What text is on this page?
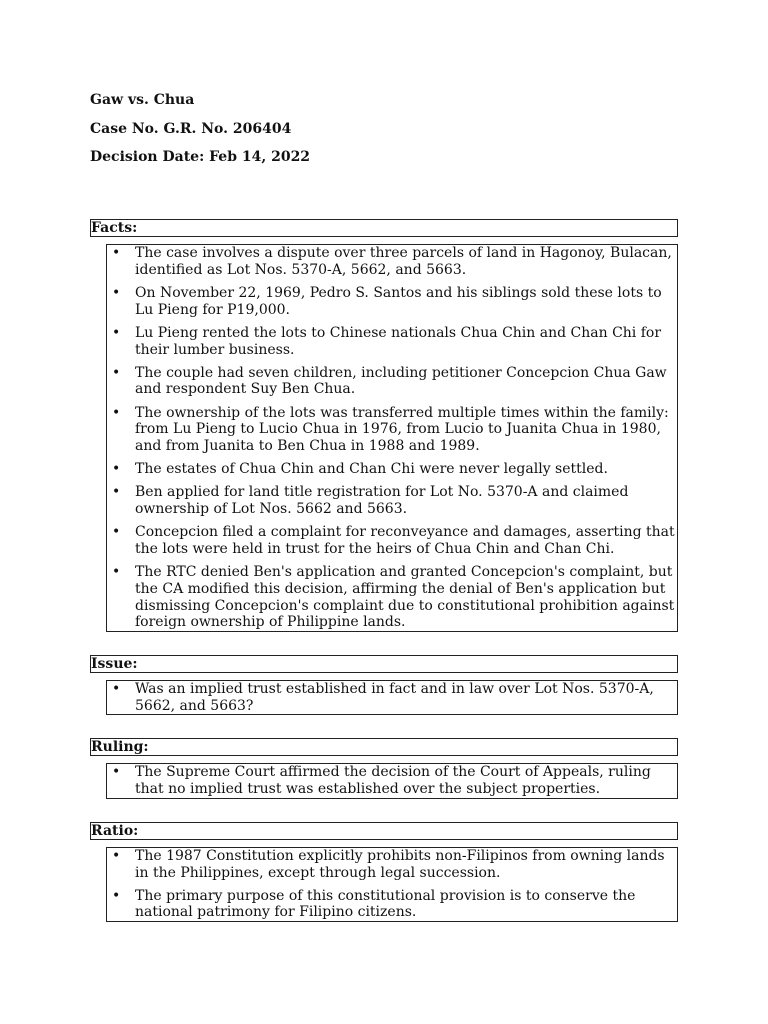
Gaw vs. Chua
Case No. G.R. No. 206404
Decision Date: Feb 14, 2022
Facts:
• The case involves a dispute over three parcels of land in Hagonoy, Bulacan, identified as Lot Nos. 5370-A, 5662, and 5663.
• On November 22, 1969, Pedro S. Santos and his siblings sold these lots to Lu Pieng for P19,000.
• Lu Pieng rented the lots to Chinese nationals Chua Chin and Chan Chi for their lumber business.
• The couple had seven children, including petitioner Concepcion Chua Gaw and respondent Suy Ben Chua.
• The ownership of the lots was transferred multiple times within the family: from Lu Pieng to Lucio Chua in 1976, from Lucio to Juanita Chua in 1980, and from Juanita to Ben Chua in 1988 and 1989.
• The estates of Chua Chin and Chan Chi were never legally settled.
• Ben applied for land title registration for Lot No. 5370-A and claimed ownership of Lot Nos. 5662 and 5663.
• Concepcion filed a complaint for reconveyance and damages, asserting that the lots were held in trust for the heirs of Chua Chin and Chan Chi.
• The RTC denied Ben's application and granted Concepcion's complaint, but the CA modified this decision, affirming the denial of Ben's application but dismissing Concepcion's complaint due to constitutional prohibition against foreign ownership of Philippine lands.
Issue:
• Was an implied trust established in fact and in law over Lot Nos. 5370-A, 5662, and 5663?
Ruling:
• The Supreme Court affirmed the decision of the Court of Appeals, ruling that no implied trust was established over the subject properties.
Ratio:
• The 1987 Constitution explicitly prohibits non-Filipinos from owning lands in the Philippines, except through legal succession.
• The primary purpose of this constitutional provision is to conserve the national patrimony for Filipino citizens.
